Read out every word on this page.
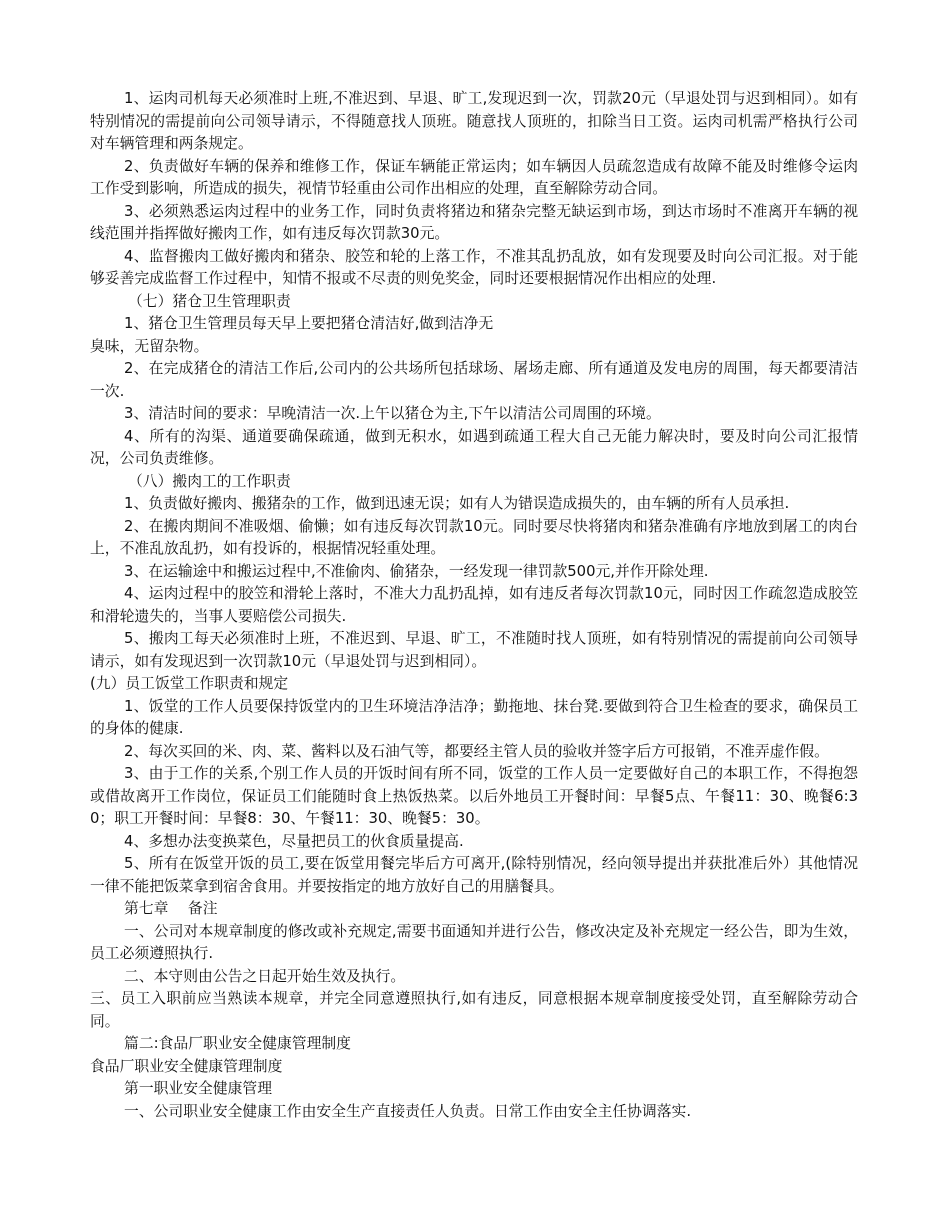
1、运肉司机每天必须准时上班,不准迟到、早退、旷工,发现迟到一次，罚款20元（早退处罚与迟到相同）。如有特别情况的需提前向公司领导请示，不得随意找人顶班。随意找人顶班的，扣除当日工资。运肉司机需严格执行公司对车辆管理和两条规定。

2、负责做好车辆的保养和维修工作，保证车辆能正常运肉；如车辆因人员疏忽造成有故障不能及时维修令运肉工作受到影响，所造成的损失，视情节轻重由公司作出相应的处理，直至解除劳动合同。

3、必须熟悉运肉过程中的业务工作，同时负责将猪边和猪杂完整无缺运到市场，到达市场时不准离开车辆的视线范围并指挥做好搬肉工作，如有违反每次罚款30元。

4、监督搬肉工做好搬肉和猪杂、胶笠和轮的上落工作，不准其乱扔乱放，如有发现要及时向公司汇报。对于能够妥善完成监督工作过程中，知情不报或不尽责的则免奖金，同时还要根据情况作出相应的处理.

（七）猪仓卫生管理职责

1、猪仓卫生管理员每天早上要把猪仓清洁好,做到洁净无

臭味，无留杂物。

2、在完成猪仓的清洁工作后,公司内的公共场所包括球场、屠场走廊、所有通道及发电房的周围，每天都要清洁一次.

3、清洁时间的要求：早晚清洁一次.上午以猪仓为主,下午以清洁公司周围的环境。

4、所有的沟渠、通道要确保疏通，做到无积水，如遇到疏通工程大自己无能力解决时，要及时向公司汇报情况，公司负责维修。

（八）搬肉工的工作职责

1、负责做好搬肉、搬猪杂的工作，做到迅速无误；如有人为错误造成损失的，由车辆的所有人员承担.

2、在搬肉期间不准吸烟、偷懒；如有违反每次罚款10元。同时要尽快将猪肉和猪杂准确有序地放到屠工的肉台上，不准乱放乱扔，如有投诉的，根据情况轻重处理。

3、在运输途中和搬运过程中,不准偷肉、偷猪杂，一经发现一律罚款500元,并作开除处理.

4、运肉过程中的胶笠和滑轮上落时，不准大力乱扔乱掉，如有违反者每次罚款10元，同时因工作疏忽造成胶笠和滑轮遗失的，当事人要赔偿公司损失.

5、搬肉工每天必须准时上班，不准迟到、早退、旷工，不准随时找人顶班，如有特别情况的需提前向公司领导请示，如有发现迟到一次罚款10元（早退处罚与迟到相同）。

(九）员工饭堂工作职责和规定

1、饭堂的工作人员要保持饭堂内的卫生环境洁净洁净；勤拖地、抹台凳.要做到符合卫生检查的要求，确保员工的身体的健康.

2、每次买回的米、肉、菜、酱料以及石油气等，都要经主管人员的验收并签字后方可报销，不准弄虚作假。

3、由于工作的关系,个别工作人员的开饭时间有所不同，饭堂的工作人员一定要做好自己的本职工作，不得抱怨或借故离开工作岗位，保证员工们能随时食上热饭热菜。以后外地员工开餐时间：早餐5点、午餐11：30、晚餐6:30；职工开餐时间：早餐8：30、午餐11：30、晚餐5：30。

4、多想办法变换菜色，尽量把员工的伙食质量提高.

5、所有在饭堂开饭的员工,要在饭堂用餐完毕后方可离开,(除特别情况，经向领导提出并获批准后外）其他情况一律不能把饭菜拿到宿舍食用。并要按指定的地方放好自己的用膳餐具。

第七章　 备注

一、公司对本规章制度的修改或补充规定,需要书面通知并进行公告，修改决定及补充规定一经公告，即为生效，员工必须遵照执行.

二、本守则由公告之日起开始生效及执行。

三、员工入职前应当熟读本规章，并完全同意遵照执行,如有违反，同意根据本规章制度接受处罚，直至解除劳动合同。

篇二:食品厂职业安全健康管理制度

食品厂职业安全健康管理制度

第一职业安全健康管理

一、公司职业安全健康工作由安全生产直接责任人负责。日常工作由安全主任协调落实.
